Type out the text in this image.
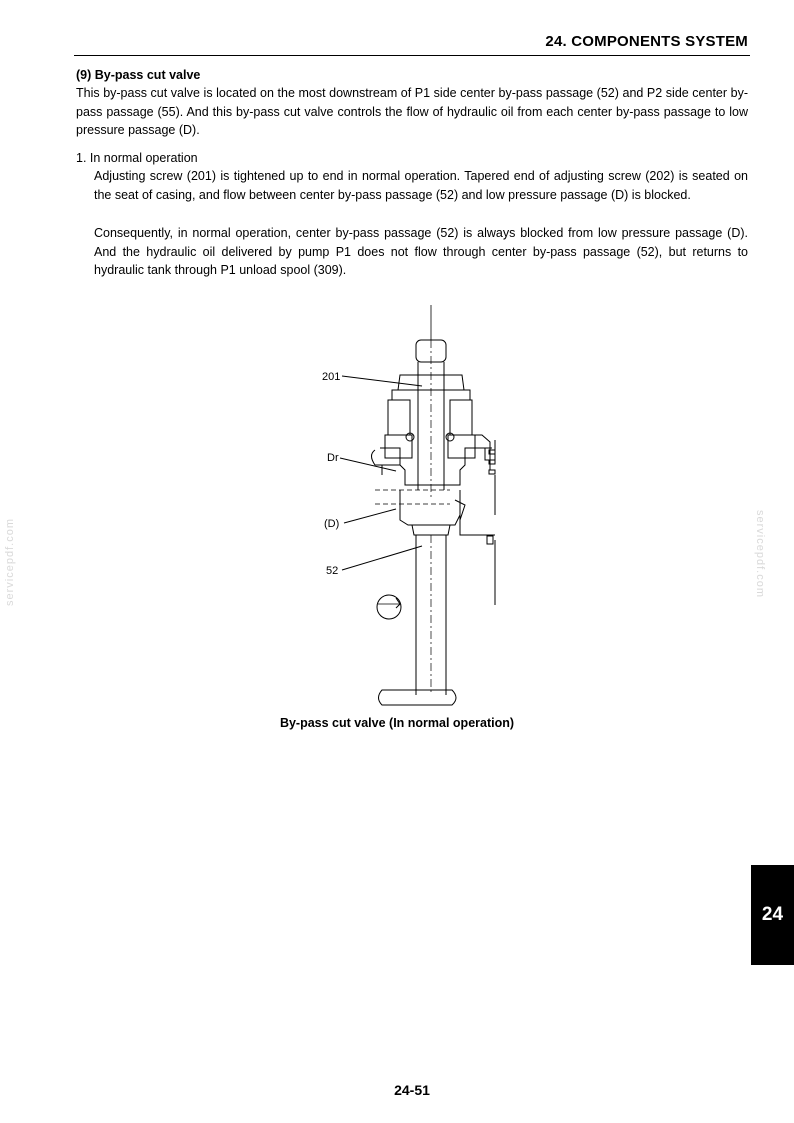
24. COMPONENTS SYSTEM
(9) By-pass cut valve

This by-pass cut valve is located on the most downstream of P1 side center by-pass passage (52) and P2 side center by-pass passage (55). And this by-pass cut valve controls the flow of hydraulic oil from each center by-pass passage to low pressure passage (D).

1. In normal operation

Adjusting screw (201) is tightened up to end in normal operation. Tapered end of adjusting screw (202) is seated on the seat of casing, and flow between center by-pass passage (52) and low pressure passage (D) is blocked.

Consequently, in normal operation, center by-pass passage (52) is always blocked from low pressure passage (D). And the hydraulic oil delivered by pump P1 does not flow through center by-pass passage (52), but returns to hydraulic tank through P1 unload spool (309).

servicepdf.com	servicepdf.com
201
Dr
(D)
52
By-pass cut valve (In normal operation)
24
24-51
